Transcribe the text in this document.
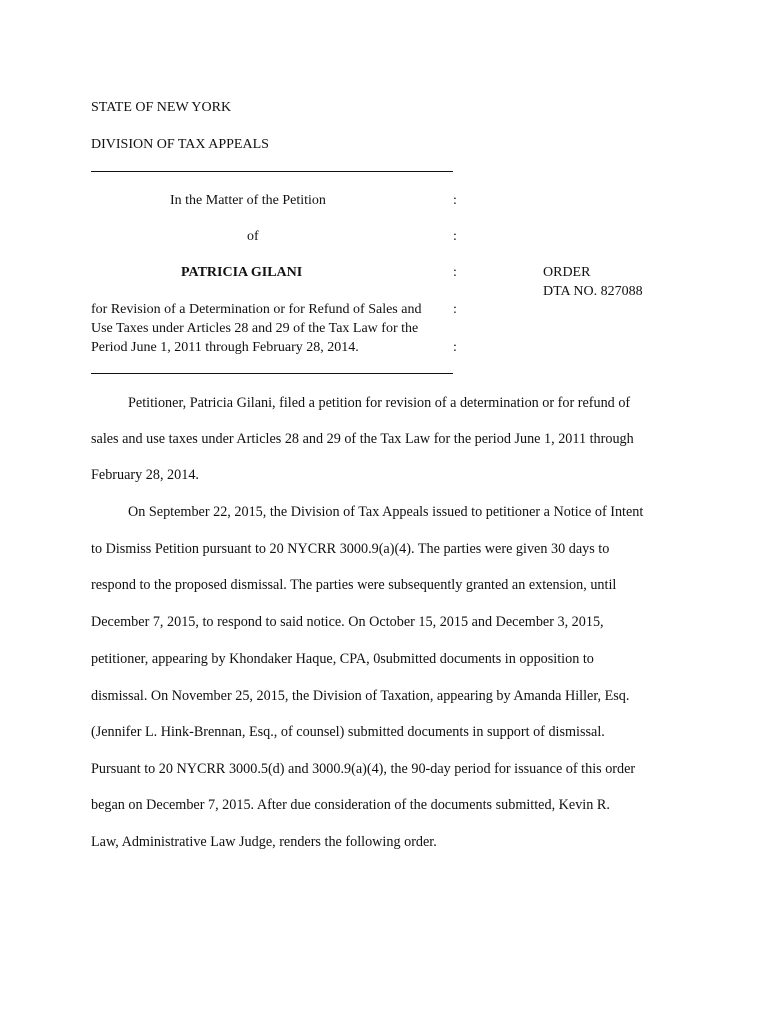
STATE OF NEW YORK
DIVISION OF TAX APPEALS
In the Matter of the Petition	:
of	:
PATRICIA GILANI	:	ORDER
DTA NO. 827088
for Revision of a Determination or for Refund of Sales and :
Use Taxes under Articles 28 and 29 of the Tax Law for the
Period June 1, 2011 through February 28, 2014.	:
Petitioner, Patricia Gilani, filed a petition for revision of a determination or for refund of
sales and use taxes under Articles 28 and 29 of the Tax Law for the period June 1, 2011 through
February 28, 2014.
On September 22, 2015, the Division of Tax Appeals issued to petitioner a Notice of Intent
to Dismiss Petition pursuant to 20 NYCRR 3000.9(a)(4). The parties were given 30 days to
respond to the proposed dismissal. The parties were subsequently granted an extension, until
December 7, 2015, to respond to said notice. On October 15, 2015 and December 3, 2015,
petitioner, appearing by Khondaker Haque, CPA, 0submitted documents in opposition to
dismissal. On November 25, 2015, the Division of Taxation, appearing by Amanda Hiller, Esq.
(Jennifer L. Hink-Brennan, Esq., of counsel) submitted documents in support of dismissal.
Pursuant to 20 NYCRR 3000.5(d) and 3000.9(a)(4), the 90-day period for issuance of this order
began on December 7, 2015. After due consideration of the documents submitted, Kevin R.
Law, Administrative Law Judge, renders the following order.
